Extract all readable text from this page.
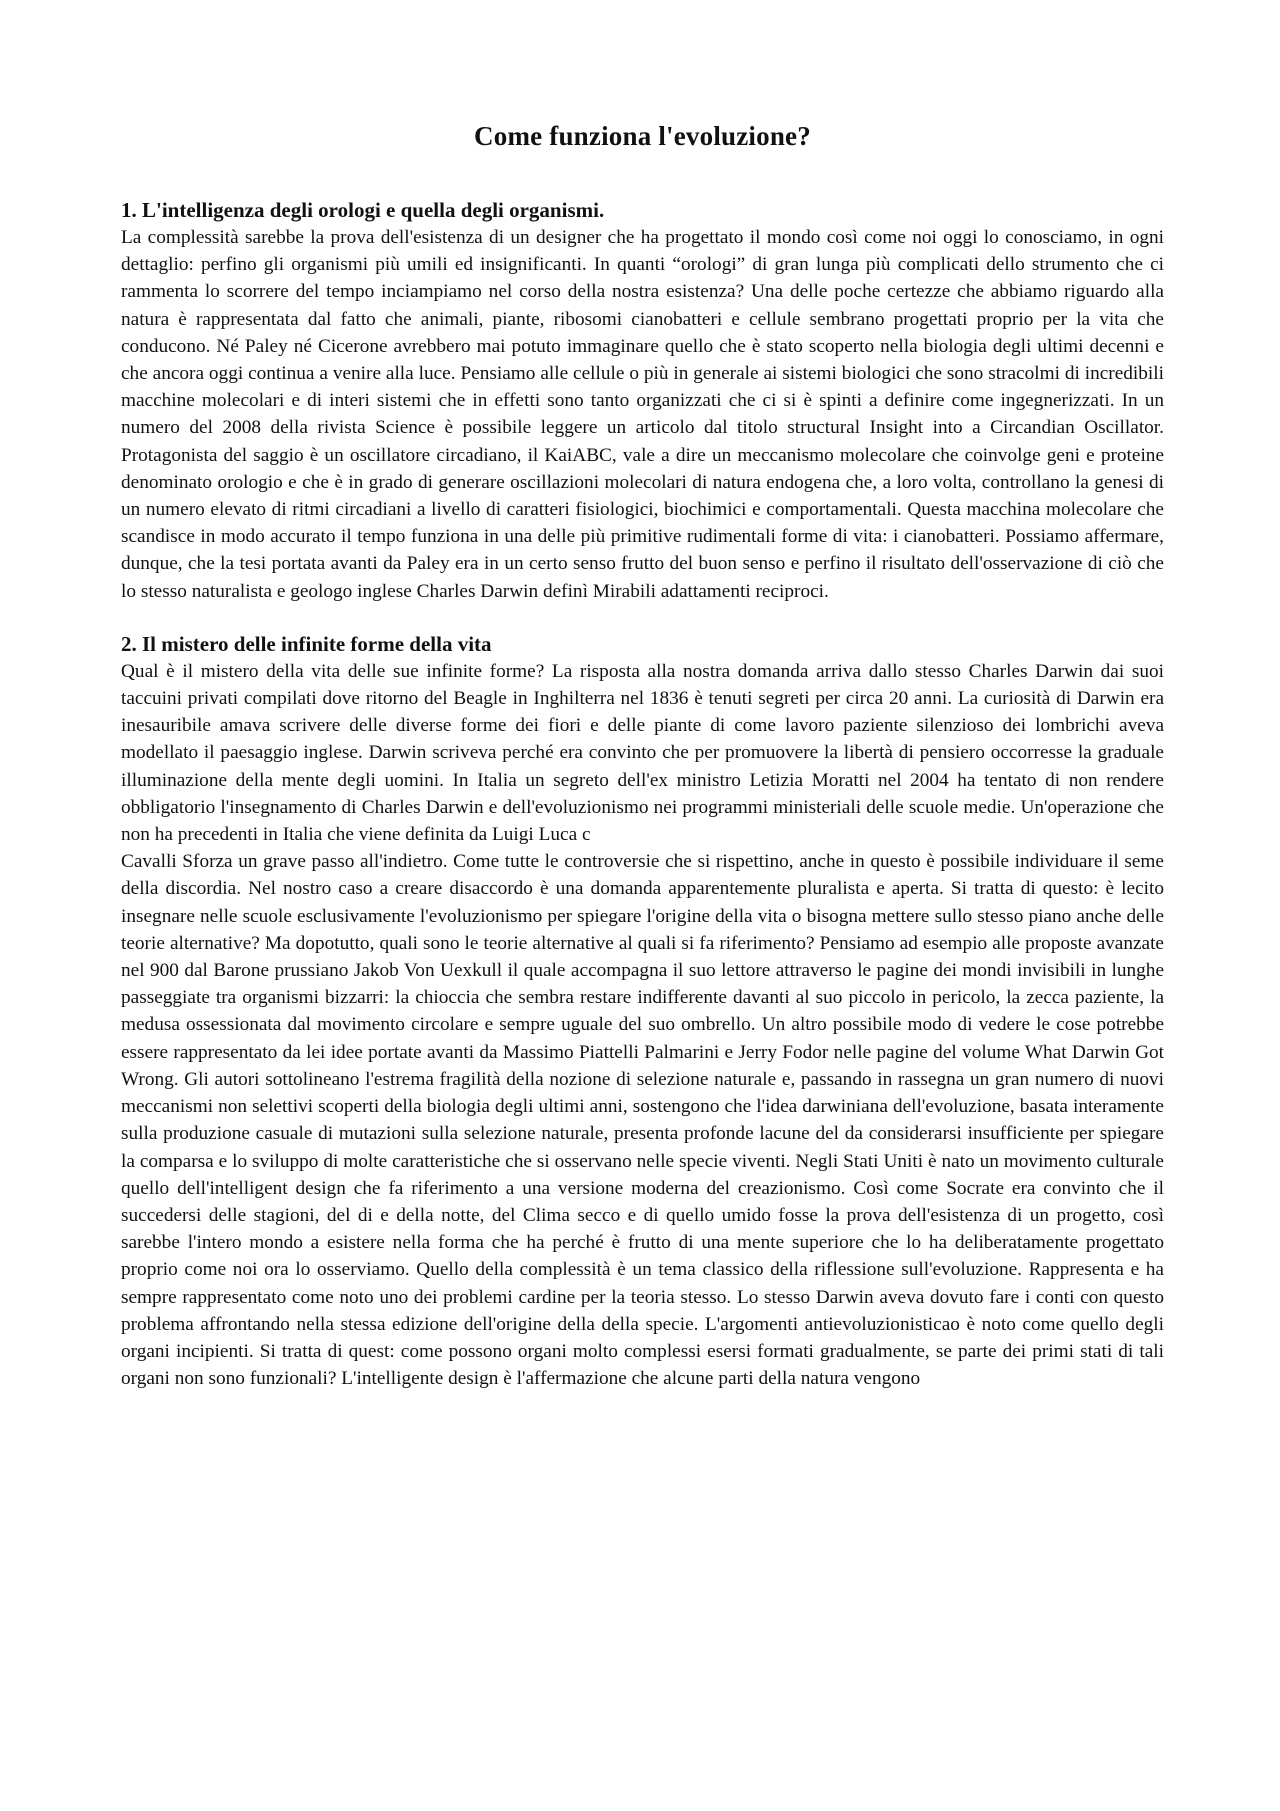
Come funziona l'evoluzione?
1. L'intelligenza degli orologi e quella degli organismi.

La complessità sarebbe la prova dell'esistenza di un designer che ha progettato il mondo così come noi oggi lo conosciamo, in ogni dettaglio: perfino gli organismi più umili ed insignificanti. In quanti “orologi” di gran lunga più complicati dello strumento che ci rammenta lo scorrere del tempo inciampiamo nel corso della nostra esistenza? Una delle poche certezze che abbiamo riguardo alla natura è rappresentata dal fatto che animali, piante, ribosomi cianobatteri e cellule sembrano progettati proprio per la vita che conducono. Né Paley né Cicerone avrebbero mai potuto immaginare quello che è stato scoperto nella biologia degli ultimi decenni e che ancora oggi continua a venire alla luce. Pensiamo alle cellule o più in generale ai sistemi biologici che sono stracolmi di incredibili macchine molecolari e di interi sistemi che in effetti sono tanto organizzati che ci si è spinti a definire come ingegnerizzati. In un numero del 2008 della rivista Science è possibile leggere un articolo dal titolo structural Insight into a Circandian Oscillator. Protagonista del saggio è un oscillatore circadiano, il KaiABC, vale a dire un meccanismo molecolare che coinvolge geni e proteine denominato orologio e che è in grado di generare oscillazioni molecolari di natura endogena che, a loro volta, controllano la genesi di un numero elevato di ritmi circadiani a livello di caratteri fisiologici, biochimici e comportamentali. Questa macchina molecolare che scandisce in modo accurato il tempo funziona in una delle più primitive rudimentali forme di vita: i cianobatteri. Possiamo affermare, dunque, che la tesi portata avanti da Paley era in un certo senso frutto del buon senso e perfino il risultato dell'osservazione di ciò che lo stesso naturalista e geologo inglese Charles Darwin definì Mirabili adattamenti reciproci.

2. Il mistero delle infinite forme della vita

Qual è il mistero della vita delle sue infinite forme? La risposta alla nostra domanda arriva dallo stesso Charles Darwin dai suoi taccuini privati compilati dove ritorno del Beagle in Inghilterra nel 1836 è tenuti segreti per circa 20 anni. La curiosità di Darwin era inesauribile amava scrivere delle diverse forme dei fiori e delle piante di come lavoro paziente silenzioso dei lombrichi aveva modellato il paesaggio inglese. Darwin scriveva perché era convinto che per promuovere la libertà di pensiero occorresse la graduale illuminazione della mente degli uomini. In Italia un segreto dell'ex ministro Letizia Moratti nel 2004 ha tentato di non rendere obbligatorio l'insegnamento di Charles Darwin e dell'evoluzionismo nei programmi ministeriali delle scuole medie. Un'operazione che non ha precedenti in Italia che viene definita da Luigi Luca c

Cavalli Sforza un grave passo all'indietro. Come tutte le controversie che si rispettino, anche in questo è possibile individuare il seme della discordia. Nel nostro caso a creare disaccordo è una domanda apparentemente pluralista e aperta. Si tratta di questo: è lecito insegnare nelle scuole esclusivamente l'evoluzionismo per spiegare l'origine della vita o bisogna mettere sullo stesso piano anche delle teorie alternative? Ma dopotutto, quali sono le teorie alternative al quali si fa riferimento? Pensiamo ad esempio alle proposte avanzate nel 900 dal Barone prussiano Jakob Von Uexkull il quale accompagna il suo lettore attraverso le pagine dei mondi invisibili in lunghe passeggiate tra organismi bizzarri: la chioccia che sembra restare indifferente davanti al suo piccolo in pericolo, la zecca paziente, la medusa ossessionata dal movimento circolare e sempre uguale del suo ombrello. Un altro possibile modo di vedere le cose potrebbe essere rappresentato da lei idee portate avanti da Massimo Piattelli Palmarini e Jerry Fodor nelle pagine del volume What Darwin Got Wrong. Gli autori sottolineano l'estrema fragilità della nozione di selezione naturale e, passando in rassegna un gran numero di nuovi meccanismi non selettivi scoperti della biologia degli ultimi anni, sostengono che l'idea darwiniana dell'evoluzione, basata interamente sulla produzione casuale di mutazioni sulla selezione naturale, presenta profonde lacune del da considerarsi insufficiente per spiegare la comparsa e lo sviluppo di molte caratteristiche che si osservano nelle specie viventi. Negli Stati Uniti è nato un movimento culturale quello dell'intelligent design che fa riferimento a una versione moderna del creazionismo. Così come Socrate era convinto che il succedersi delle stagioni, del di e della notte, del Clima secco e di quello umido fosse la prova dell'esistenza di un progetto, così sarebbe l'intero mondo a esistere nella forma che ha perché è frutto di una mente superiore che lo ha deliberatamente progettato proprio come noi ora lo osserviamo. Quello della complessità è un tema classico della riflessione sull'evoluzione. Rappresenta e ha sempre rappresentato come noto uno dei problemi cardine per la teoria stesso. Lo stesso Darwin aveva dovuto fare i conti con questo problema affrontando nella stessa edizione dell'origine della della specie. L'argomenti antievoluzionisticao è noto come quello degli organi incipienti. Si tratta di quest: come possono organi molto complessi esersi formati gradualmente, se parte dei primi stati di tali organi non sono funzionali? L'intelligente design è l'affermazione che alcune parti della natura vengono
